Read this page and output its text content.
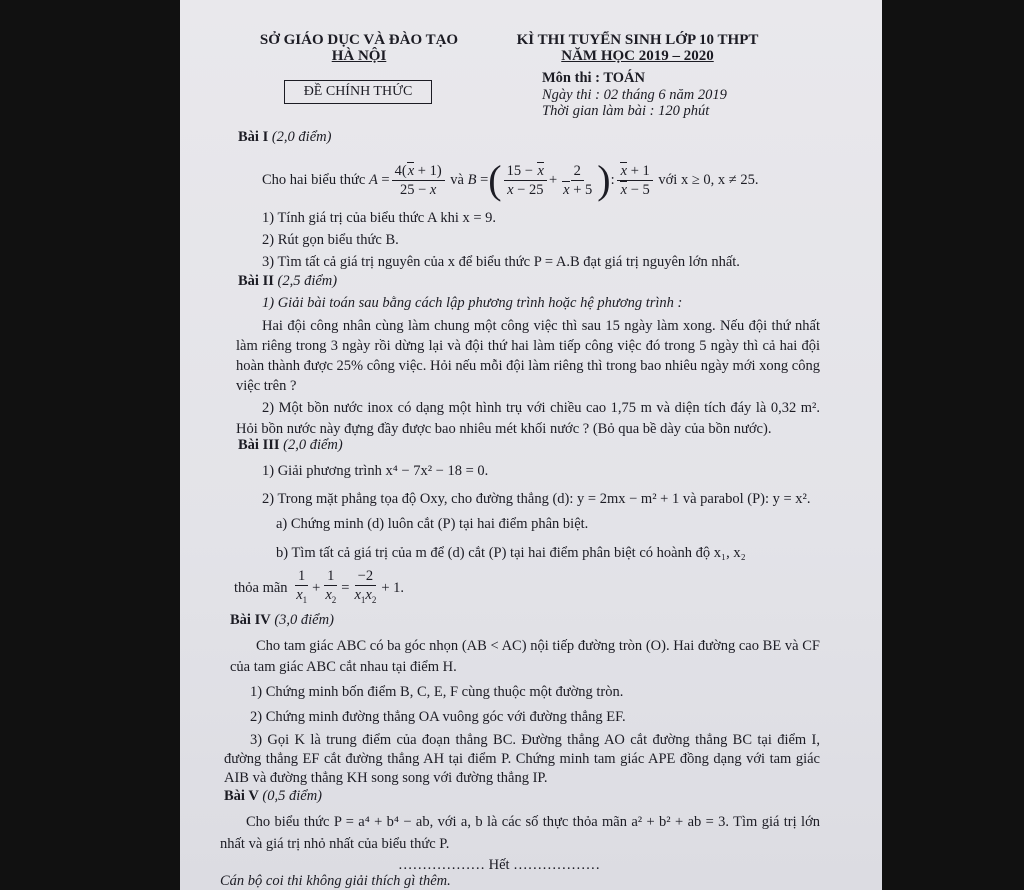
SỞ GIÁO DỤC VÀ ĐÀO TẠO
HÀ NỘI
KÌ THI TUYỂN SINH LỚP 10 THPT
NĂM HỌC 2019 – 2020
ĐỀ CHÍNH THỨC
Môn thi : TOÁN
Ngày thi : 02 tháng 6 năm 2019
Thời gian làm bài : 120 phút
Bài I (2,0 điểm)
Cho hai biểu thức
$A = \frac{4(x + 1)}{25 - x}$
và
B = ( $\frac{15 - x}{x - 25} + \frac{2}{x + 5}$ ) : $\frac{x + 1}{x - 5}$
với x ≥ 0, x ≠ 25.
1) Tính giá trị của biểu thức A khi x = 9.
2) Rút gọn biểu thức B.
3) Tìm tất cả giá trị nguyên của x để biểu thức P = A.B đạt giá trị nguyên lớn nhất.
Bài II (2,5 điểm)
1) Giải bài toán sau bằng cách lập phương trình hoặc hệ phương trình :
Hai đội công nhân cùng làm chung một công việc thì sau 15 ngày làm xong. Nếu đội thứ nhất làm riêng trong 3 ngày rồi dừng lại và đội thứ hai làm tiếp công việc đó trong 5 ngày thì cả hai đội hoàn thành được 25% công việc. Hỏi nếu mỗi đội làm riêng thì trong bao nhiêu ngày mới xong công việc trên ?
2) Một bồn nước inox có dạng một hình trụ với chiều cao 1,75 m và diện tích đáy là 0,32 m². Hỏi bồn nước này đựng đầy được bao nhiêu mét khối nước ? (Bỏ qua bề dày của bồn nước).
Bài III (2,0 điểm)
1) Giải phương trình x⁴ − 7x² − 18 = 0.
2) Trong mặt phẳng tọa độ Oxy, cho đường thẳng (d): y = 2mx − m² + 1 và parabol (P): y = x².
a) Chứng minh (d) luôn cắt (P) tại hai điểm phân biệt.
b) Tìm tất cả giá trị của m để (d) cắt (P) tại hai điểm phân biệt có hoành độ x₁, x₂
thỏa mãn
$\frac{1}{x_1} + \frac{1}{x_2} = \frac{-2}{x_1x_2} + 1$.
Bài IV (3,0 điểm)
Cho tam giác ABC có ba góc nhọn (AB < AC) nội tiếp đường tròn (O). Hai đường cao BE và CF của tam giác ABC cắt nhau tại điểm H.
1) Chứng minh bốn điểm B, C, E, F cùng thuộc một đường tròn.
2) Chứng minh đường thẳng OA vuông góc với đường thẳng EF.
3) Gọi K là trung điểm của đoạn thẳng BC. Đường thẳng AO cắt đường thẳng BC tại điểm I, đường thẳng EF cắt đường thẳng AH tại điểm P. Chứng minh tam giác APE đồng dạng với tam giác AIB và đường thẳng KH song song với đường thẳng IP.
Bài V (0,5 điểm)
Cho biểu thức P = a⁴ + b⁴ − ab, với a, b là các số thực thỏa mãn a² + b² + ab = 3. Tìm giá trị lớn nhất và giá trị nhỏ nhất của biểu thức P.
……………… Hết ………………
Cán bộ coi thi không giải thích gì thêm.
